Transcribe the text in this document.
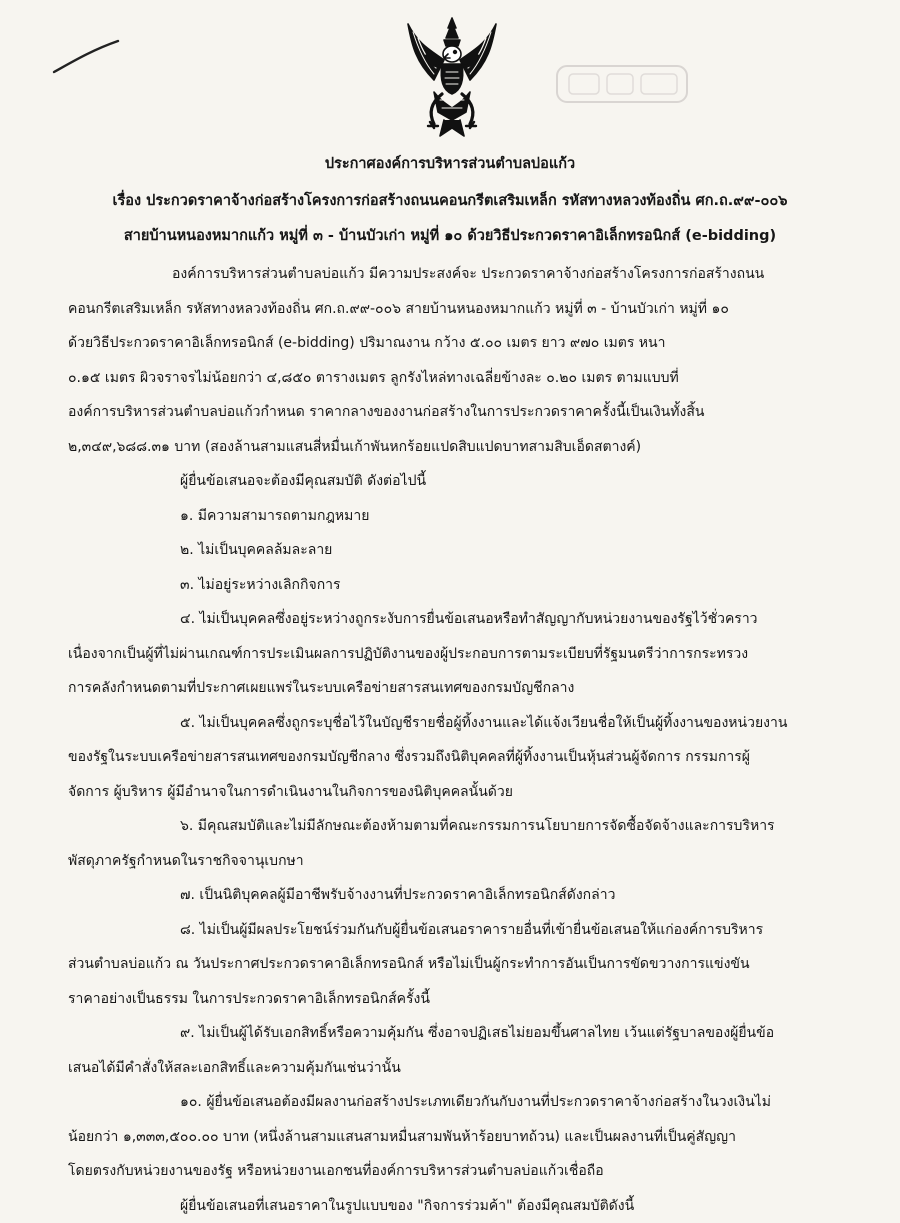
ประกาศองค์การบริหารส่วนตำบลบ่อแก้ว
เรื่อง ประกวดราคาจ้างก่อสร้างโครงการก่อสร้างถนนคอนกรีตเสริมเหล็ก รหัสทางหลวงท้องถิ่น ศก.ถ.๙๙-๐๐๖
สายบ้านหนองหมากแก้ว หมู่ที่ ๓ - บ้านบัวเก่า หมู่ที่ ๑๐ ด้วยวิธีประกวดราคาอิเล็กทรอนิกส์ (e-bidding)
องค์การบริหารส่วนตำบลบ่อแก้ว มีความประสงค์จะ ประกวดราคาจ้างก่อสร้างโครงการก่อสร้างถนน
คอนกรีตเสริมเหล็ก รหัสทางหลวงท้องถิ่น ศก.ถ.๙๙-๐๐๖ สายบ้านหนองหมากแก้ว หมู่ที่ ๓ - บ้านบัวเก่า หมู่ที่ ๑๐
ด้วยวิธีประกวดราคาอิเล็กทรอนิกส์ (e-bidding) ปริมาณงาน กว้าง ๕.๐๐ เมตร ยาว ๙๗๐ เมตร หนา
๐.๑๕ เมตร ผิวจราจรไม่น้อยกว่า ๔,๘๕๐ ตารางเมตร ลูกรังไหล่ทางเฉลี่ยข้างละ ๐.๒๐ เมตร ตามแบบที่
องค์การบริหารส่วนตำบลบ่อแก้วกำหนด ราคากลางของงานก่อสร้างในการประกวดราคาครั้งนี้เป็นเงินทั้งสิ้น
๒,๓๔๙,๖๘๘.๓๑ บาท (สองล้านสามแสนสี่หมื่นเก้าพันหกร้อยแปดสิบแปดบาทสามสิบเอ็ดสตางค์)
ผู้ยื่นข้อเสนอจะต้องมีคุณสมบัติ ดังต่อไปนี้
๑. มีความสามารถตามกฎหมาย
๒. ไม่เป็นบุคคลล้มละลาย
๓. ไม่อยู่ระหว่างเลิกกิจการ
๔. ไม่เป็นบุคคลซึ่งอยู่ระหว่างถูกระงับการยื่นข้อเสนอหรือทำสัญญากับหน่วยงานของรัฐไว้ชั่วคราว
เนื่องจากเป็นผู้ที่ไม่ผ่านเกณฑ์การประเมินผลการปฏิบัติงานของผู้ประกอบการตามระเบียบที่รัฐมนตรีว่าการกระทรวง
การคลังกำหนดตามที่ประกาศเผยแพร่ในระบบเครือข่ายสารสนเทศของกรมบัญชีกลาง
๕. ไม่เป็นบุคคลซึ่งถูกระบุชื่อไว้ในบัญชีรายชื่อผู้ทิ้งงานและได้แจ้งเวียนชื่อให้เป็นผู้ทิ้งงานของหน่วยงาน
ของรัฐในระบบเครือข่ายสารสนเทศของกรมบัญชีกลาง ซึ่งรวมถึงนิติบุคคลที่ผู้ทิ้งงานเป็นหุ้นส่วนผู้จัดการ กรรมการผู้
จัดการ ผู้บริหาร ผู้มีอำนาจในการดำเนินงานในกิจการของนิติบุคคลนั้นด้วย
๖. มีคุณสมบัติและไม่มีลักษณะต้องห้ามตามที่คณะกรรมการนโยบายการจัดซื้อจัดจ้างและการบริหาร
พัสดุภาครัฐกำหนดในราชกิจจานุเบกษา
๗. เป็นนิติบุคคลผู้มีอาชีพรับจ้างงานที่ประกวดราคาอิเล็กทรอนิกส์ดังกล่าว
๘. ไม่เป็นผู้มีผลประโยชน์ร่วมกันกับผู้ยื่นข้อเสนอราคารายอื่นที่เข้ายื่นข้อเสนอให้แก่องค์การบริหาร
ส่วนตำบลบ่อแก้ว ณ วันประกาศประกวดราคาอิเล็กทรอนิกส์ หรือไม่เป็นผู้กระทำการอันเป็นการขัดขวางการแข่งขัน
ราคาอย่างเป็นธรรม ในการประกวดราคาอิเล็กทรอนิกส์ครั้งนี้
๙. ไม่เป็นผู้ได้รับเอกสิทธิ์หรือความคุ้มกัน ซึ่งอาจปฏิเสธไม่ยอมขึ้นศาลไทย เว้นแต่รัฐบาลของผู้ยื่นข้อ
เสนอได้มีคำสั่งให้สละเอกสิทธิ์และความคุ้มกันเช่นว่านั้น
๑๐. ผู้ยื่นข้อเสนอต้องมีผลงานก่อสร้างประเภทเดียวกันกับงานที่ประกวดราคาจ้างก่อสร้างในวงเงินไม่
น้อยกว่า ๑,๓๓๓,๕๐๐.๐๐ บาท (หนึ่งล้านสามแสนสามหมื่นสามพันห้าร้อยบาทถ้วน) และเป็นผลงานที่เป็นคู่สัญญา
โดยตรงกับหน่วยงานของรัฐ หรือหน่วยงานเอกชนที่องค์การบริหารส่วนตำบลบ่อแก้วเชื่อถือ
ผู้ยื่นข้อเสนอที่เสนอราคาในรูปแบบของ "กิจการร่วมค้า" ต้องมีคุณสมบัติดังนี้
